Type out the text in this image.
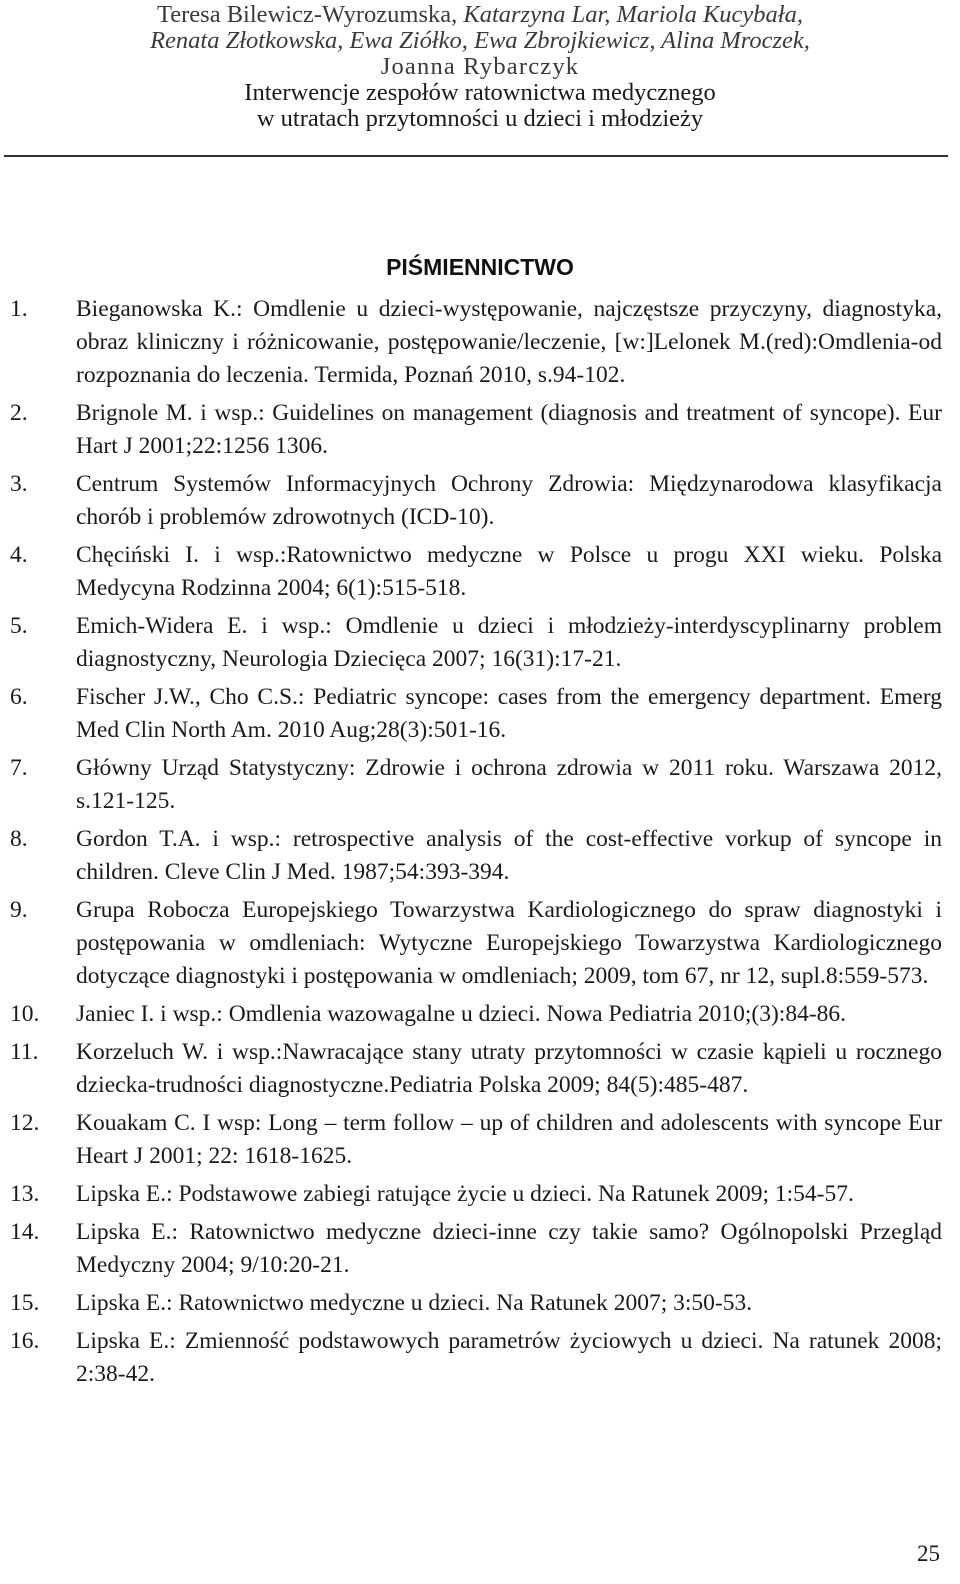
Teresa Bilewicz-Wyrozumska, Katarzyna Lar, Mariola Kucybała,
Renata Złotkowska, Ewa Ziółko, Ewa Zbrojkiewicz, Alina Mroczek,
Joanna Rybarczyk
Interwencje zespołów ratownictwa medycznego
w utratach przytomności u dzieci i młodzieży
PIŚMIENNICTWO
1.	Bieganowska K.: Omdlenie u dzieci-występowanie, najczęstsze przyczyny, diagnostyka, obraz kliniczny i różnicowanie, postępowanie/leczenie, [w:]Lelonek M.(red):Omdlenia-od rozpoznania do leczenia. Termida, Poznań 2010, s.94-102.
2.	Brignole M. i wsp.: Guidelines on management (diagnosis and treatment of syncope). Eur Hart J 2001;22:1256 1306.
3.	Centrum Systemów Informacyjnych Ochrony Zdrowia: Międzynarodowa klasyfikacja chorób i problemów zdrowotnych (ICD-10).
4.	Chęciński I. i wsp.:Ratownictwo medyczne w Polsce u progu XXI wieku. Polska Medycyna Rodzinna 2004; 6(1):515-518.
5.	Emich-Widera E. i wsp.: Omdlenie u dzieci i młodzieży-interdyscyplinarny problem diagnostyczny, Neurologia Dziecięca 2007; 16(31):17-21.
6.	Fischer J.W., Cho C.S.: Pediatric syncope: cases from the emergency department. Emerg Med Clin North Am. 2010 Aug;28(3):501-16.
7.	Główny Urząd Statystyczny: Zdrowie i ochrona zdrowia w 2011 roku. Warszawa 2012, s.121-125.
8.	Gordon T.A. i wsp.: retrospective analysis of the cost-effective vorkup of syncope in children. Cleve Clin J Med. 1987;54:393-394.
9.	Grupa Robocza Europejskiego Towarzystwa Kardiologicznego do spraw diagnostyki i postępowania w omdleniach: Wytyczne Europejskiego Towarzystwa Kardiologicznego dotyczące diagnostyki i postępowania w omdleniach; 2009, tom 67, nr 12, supl.8:559-573.
10.	Janiec I. i wsp.: Omdlenia wazowagalne u dzieci. Nowa Pediatria 2010;(3):84-86.
11.	Korzeluch W. i wsp.:Nawracające stany utraty przytomności w czasie kąpieli u rocznego dziecka-trudności diagnostyczne.Pediatria Polska 2009; 84(5):485-487.
12.	Kouakam C. I wsp: Long – term follow – up of children and adolescents with syncope Eur Heart J 2001; 22: 1618-1625.
13.	Lipska E.: Podstawowe zabiegi ratujące życie u dzieci. Na Ratunek 2009; 1:54-57.
14.	Lipska E.: Ratownictwo medyczne dzieci-inne czy takie samo? Ogólnopolski Przegląd Medyczny 2004; 9/10:20-21.
15.	Lipska E.: Ratownictwo medyczne u dzieci. Na Ratunek 2007; 3:50-53.
16.	Lipska E.: Zmienność podstawowych parametrów życiowych u dzieci. Na ratunek 2008; 2:38-42.
25
